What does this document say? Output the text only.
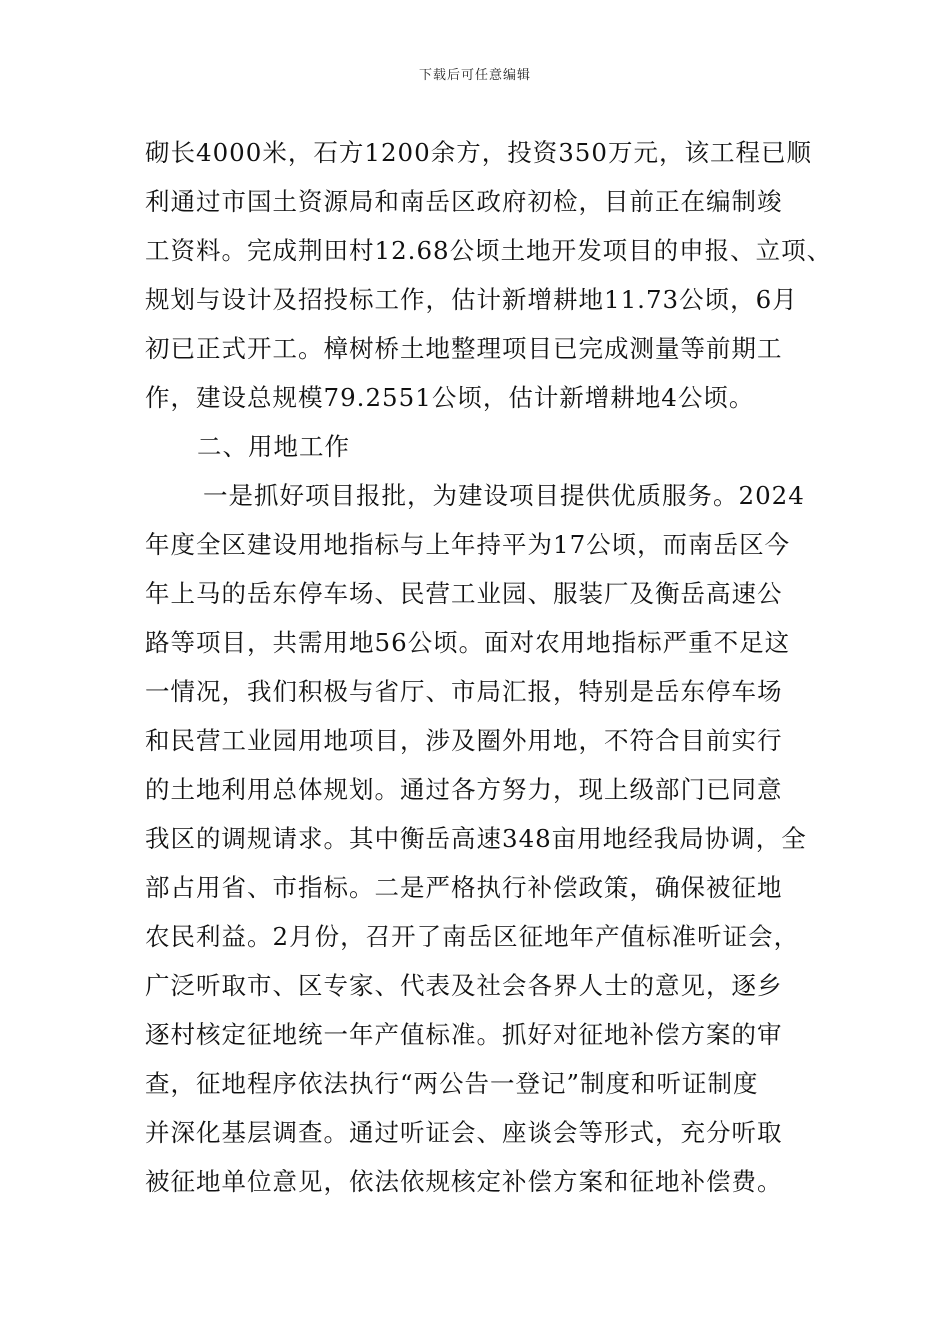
下载后可任意编辑
砌长4000米，石方1200余方，投资350万元，该工程已顺
利通过市国土资源局和南岳区政府初检，目前正在编制竣
工资料。完成荆田村12.68公顷土地开发项目的申报、立项、
规划与设计及招投标工作，估计新增耕地11.73公顷，6月
初已正式开工。樟树桥土地整理项目已完成测量等前期工
作，建设总规模79.2551公顷，估计新增耕地4公顷。
二、用地工作
一是抓好项目报批，为建设项目提供优质服务。2024
年度全区建设用地指标与上年持平为17公顷，而南岳区今
年上马的岳东停车场、民营工业园、服装厂及衡岳高速公
路等项目，共需用地56公顷。面对农用地指标严重不足这
一情况，我们积极与省厅、市局汇报，特别是岳东停车场
和民营工业园用地项目，涉及圈外用地，不符合目前实行
的土地利用总体规划。通过各方努力，现上级部门已同意
我区的调规请求。其中衡岳高速348亩用地经我局协调，全
部占用省、市指标。二是严格执行补偿政策，确保被征地
农民利益。2月份，召开了南岳区征地年产值标准听证会，
广泛听取市、区专家、代表及社会各界人士的意见，逐乡
逐村核定征地统一年产值标准。抓好对征地补偿方案的审
查，征地程序依法执行“两公告一登记”制度和听证制度
并深化基层调查。通过听证会、座谈会等形式，充分听取
被征地单位意见，依法依规核定补偿方案和征地补偿费。
